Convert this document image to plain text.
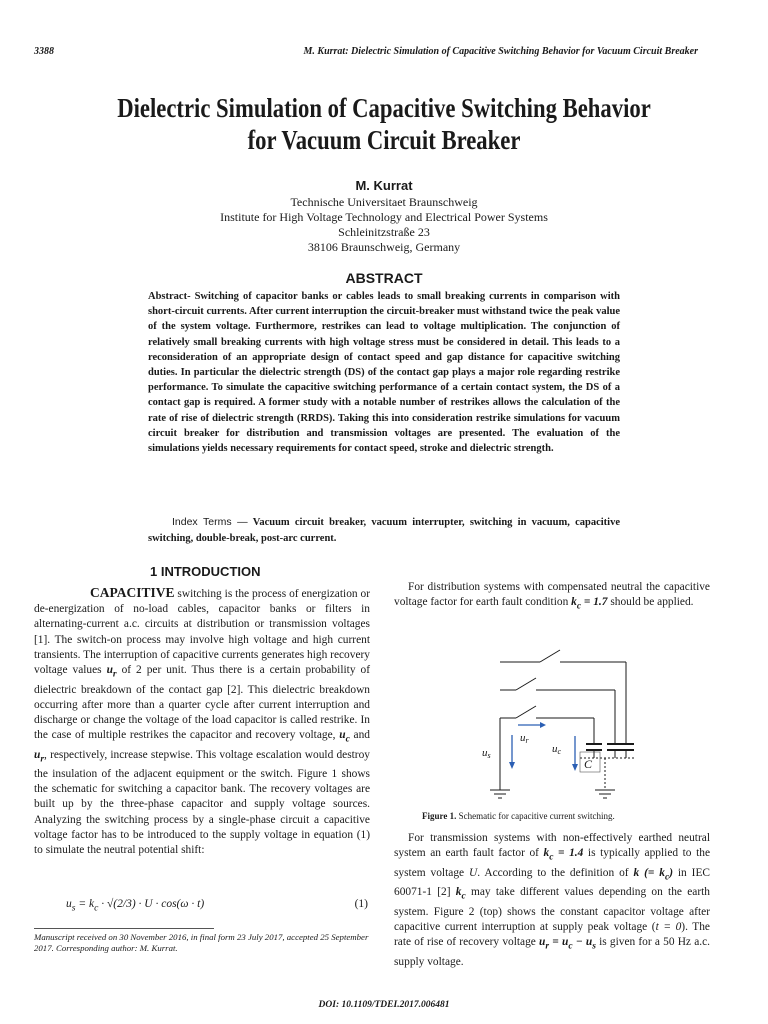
3388	M. Kurrat: Dielectric Simulation of Capacitive Switching Behavior for Vacuum Circuit Breaker
Dielectric Simulation of Capacitive Switching Behavior
for Vacuum Circuit Breaker
M. Kurrat
Technische Universitaet Braunschweig
Institute for High Voltage Technology and Electrical Power Systems
Schleinitzstraße 23
38106 Braunschweig, Germany
ABSTRACT
Abstract- Switching of capacitor banks or cables leads to small breaking currents in comparison with short-circuit currents. After current interruption the circuit-breaker must withstand twice the peak value of the system voltage. Furthermore, restrikes can lead to voltage multiplication. The conjunction of relatively small breaking currents with high voltage stress must be considered in detail. This leads to a reconsideration of an appropriate design of contact speed and gap distance for capacitive switching duties. In particular the dielectric strength (DS) of the contact gap plays a major role regarding restrike performance. To simulate the capacitive switching performance of a certain contact system, the DS of a contact gap is required. A former study with a notable number of restrikes allows the calculation of the rate of rise of dielectric strength (RRDS). Taking this into consideration restrike simulations for vacuum circuit breaker for distribution and transmission voltages are presented. The evaluation of the simulations yields necessary requirements for contact speed, stroke and dielectric strength.
Index Terms — Vacuum circuit breaker, vacuum interrupter, switching in vacuum, capacitive switching, double-break, post-arc current.
1 INTRODUCTION
CAPACITIVE switching is the process of energization or de-energization of no-load cables, capacitor banks or filters in alternating-current a.c. circuits at distribution or transmission voltages [1]. The switch-on process may involve high voltage and high current transients. The interruption of capacitive currents generates high recovery voltage values $u_r$ of 2 per unit. Thus there is a certain probability of dielectric breakdown of the contact gap [2]. This dielectric breakdown occurring after more than a quarter cycle after current interruption and discharge or change the voltage of the load capacitor is called restrike. In the case of multiple restrikes the capacitor and recovery voltage, $u_c$ and $u_r$, respectively, increase stepwise. This voltage escalation would destroy the insulation of the adjacent equipment or the switch. Figure 1 shows the schematic for switching a capacitor bank. The recovery voltages are built up by the three-phase capacitor and supply voltage sources. Analyzing the switching process by a single-phase circuit a capacitive voltage factor has to be introduced to the supply voltage in equation (1) to simulate the neutral potential shift:
$u_s = k_c \cdot √(2/3) \cdot U \cdot \cos(\omega \cdot t)$	(1)
Manuscript received on 30 November 2016, in final form 23 July 2017, accepted 25 September 2017. Corresponding author: M. Kurrat.
For distribution systems with compensated neutral the capacitive voltage factor for earth fault condition $k_c = 1.7$ should be applied.
ur
us
uc
C
Figure 1. Schematic for capacitive current switching.
For transmission systems with non-effectively earthed neutral system an earth fault factor of $k_c = 1.4$ is typically applied to the system voltage U. According to the definition of k (= $k_c$) in IEC 60071-1 [2] $k_c$ may take different values depending on the earth system. Figure 2 (top) shows the constant capacitor voltage after capacitive current interruption at supply peak voltage (t = 0). The rate of rise of recovery voltage $u_r = u_c - u_s$ is given for a 50 Hz a.c. supply voltage.
DOI: 10.1109/TDEI.2017.006481
